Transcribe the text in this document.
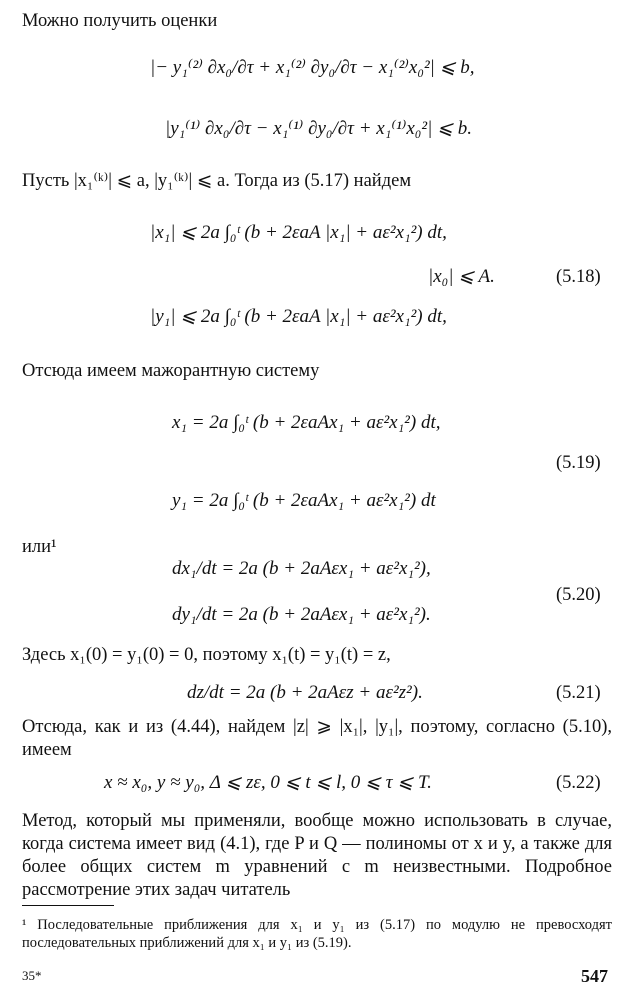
Можно получить оценки
|− y₁⁽²⁾ ∂x₀/∂τ + x₁⁽²⁾ ∂y₀/∂τ − x₁⁽²⁾x₀²| ⩽ b,
|y₁⁽¹⁾ ∂x₀/∂τ − x₁⁽¹⁾ ∂y₀/∂τ + x₁⁽¹⁾x₀²| ⩽ b.
Пусть |x₁⁽ᵏ⁾| ⩽ a, |y₁⁽ᵏ⁾| ⩽ a. Тогда из (5.17) найдем
|x₁| ⩽ 2a ∫₀ᵗ (b + 2εaA |x₁| + aε²x₁²) dt,
|x₀| ⩽ A.	(5.18)
|y₁| ⩽ 2a ∫₀ᵗ (b + 2εaA |x₁| + aε²x₁²) dt,
Отсюда имеем мажорантную систему
x₁ = 2a ∫₀ᵗ (b + 2εaAx₁ + aε²x₁²) dt,
(5.19)
y₁ = 2a ∫₀ᵗ (b + 2εaAx₁ + aε²x₁²) dt
или¹
dx₁/dt = 2a (b + 2aAεx₁ + aε²x₁²),
(5.20)
dy₁/dt = 2a (b + 2aAεx₁ + aε²x₁²).
Здесь x₁(0) = y₁(0) = 0, поэтому x₁(t) = y₁(t) = z,
dz/dt = 2a (b + 2aAεz + aε²z²).	(5.21)
Отсюда, как и из (4.44), найдем |z| ⩾ |x₁|, |y₁|, поэтому, согласно (5.10), имеем
x ≈ x₀, y ≈ y₀, Δ ⩽ zε, 0 ⩽ t ⩽ l, 0 ⩽ τ ⩽ T.	(5.22)
Метод, который мы применяли, вообще можно использовать в случае, когда система имеет вид (4.1), где P и Q — полиномы от x и y, а также для более общих систем m уравнений с m неизвестными. Подробное рассмотрение этих задач читатель
¹ Последовательные приближения для x₁ и y₁ из (5.17) по модулю не превосходят последовательных приближений для x₁ и y₁ из (5.19).
35*	547
